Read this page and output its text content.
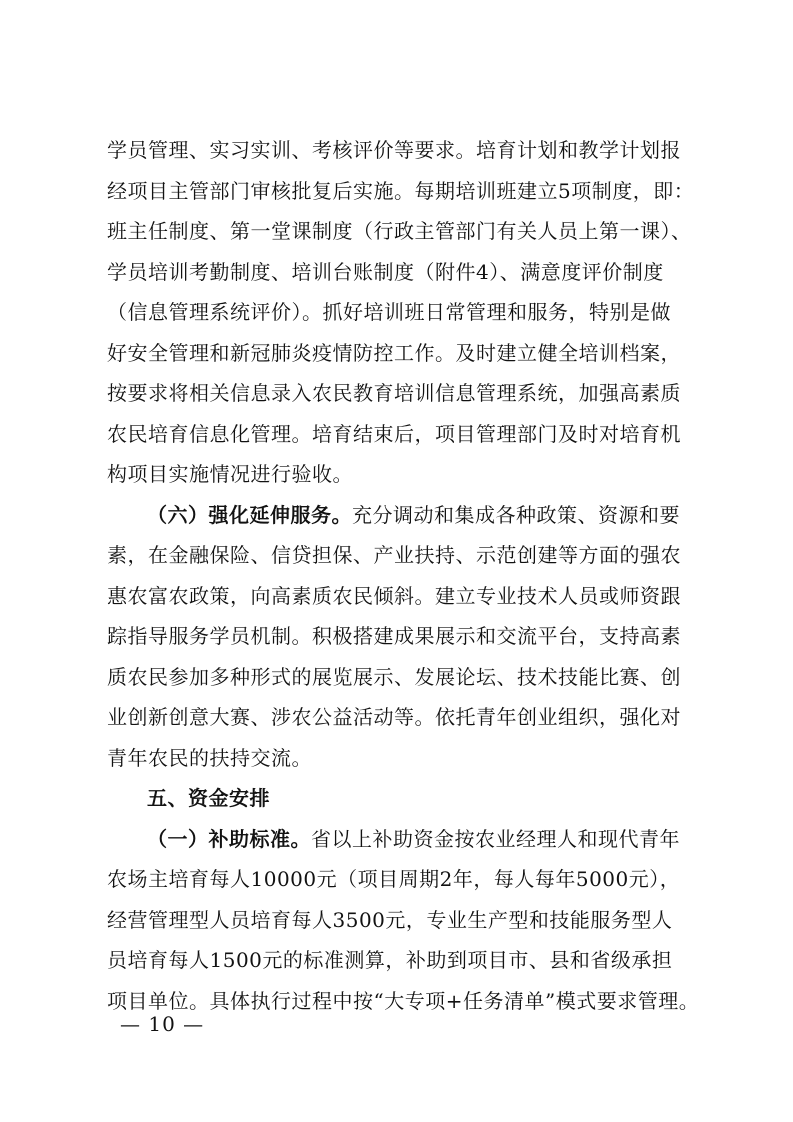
学员管理、实习实训、考核评价等要求。培育计划和教学计划报
经项目主管部门审核批复后实施。每期培训班建立5项制度，即：
班主任制度、第一堂课制度（行政主管部门有关人员上第一课）、
学员培训考勤制度、培训台账制度（附件4）、满意度评价制度
（信息管理系统评价）。抓好培训班日常管理和服务，特别是做
好安全管理和新冠肺炎疫情防控工作。及时建立健全培训档案，
按要求将相关信息录入农民教育培训信息管理系统，加强高素质
农民培育信息化管理。培育结束后，项目管理部门及时对培育机
构项目实施情况进行验收。
（六）强化延伸服务。充分调动和集成各种政策、资源和要
素，在金融保险、信贷担保、产业扶持、示范创建等方面的强农
惠农富农政策，向高素质农民倾斜。建立专业技术人员或师资跟
踪指导服务学员机制。积极搭建成果展示和交流平台，支持高素
质农民参加多种形式的展览展示、发展论坛、技术技能比赛、创
业创新创意大赛、涉农公益活动等。依托青年创业组织，强化对
青年农民的扶持交流。
五、资金安排
（一）补助标准。省以上补助资金按农业经理人和现代青年
农场主培育每人10000元（项目周期2年，每人每年5000元），
经营管理型人员培育每人3500元，专业生产型和技能服务型人
员培育每人1500元的标准测算，补助到项目市、县和省级承担
项目单位。具体执行过程中按“大专项+任务清单”模式要求管理。
— 10 —
